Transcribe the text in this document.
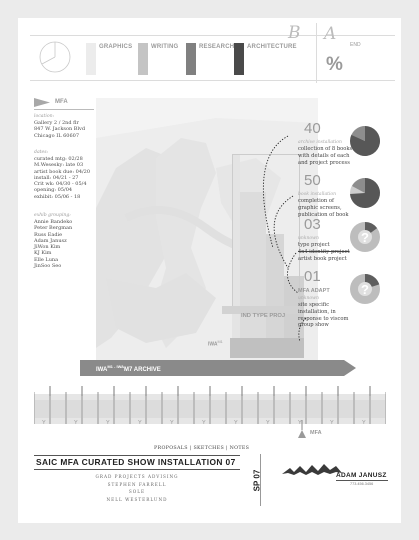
GRAPHICS	WRITING	RESEARCH ARCHITECTURE
B A
END
%
MFA
location:
Gallery 2 / 2nd flr
847 W. Jackson Blvd
Chicago IL 60607
dates:
curated mtg: 02/28
M.Wesesky: late 03
artist book due: 04/20
install: 04/21 - 27
Crit wk: 04/30 - 05/4
opening: 05/04
exhibit: 05/06 - 18
exhib grouping:
Annie Bandeko
Peter Bergman
Russ Eadie
Adam Janusz
JiWon Kim
KJ Kim
Elle Luna
JinSoo Seo
IND TYPE PROJ
$IWA^{M1}$
40
archive installation
collection of 8 books
with details of each
and project process
50
book installation
completion of
graphic screens,
publication of book
03
?
unknown
type project
4x4 identity project
artist book project
01
?
MFA ADAPT
unknown
site specific
installation, in
response to viscom
group show
$IWA^{M1 - IWA}M7$ ARCHIVE
Y	Y	Y	Y	Y	Y	Y	Y	Y	Y	Y
MFA
PROPOSALS | SKETCHES | NOTES
SAIC MFA CURATED SHOW INSTALLATION 07
GRAD PROJECTS ADVISING
STEPHEN FARRELL
SOLE
NELL WESTERLUND
SP 07	ADAM JANUSZ
773.456.3456
